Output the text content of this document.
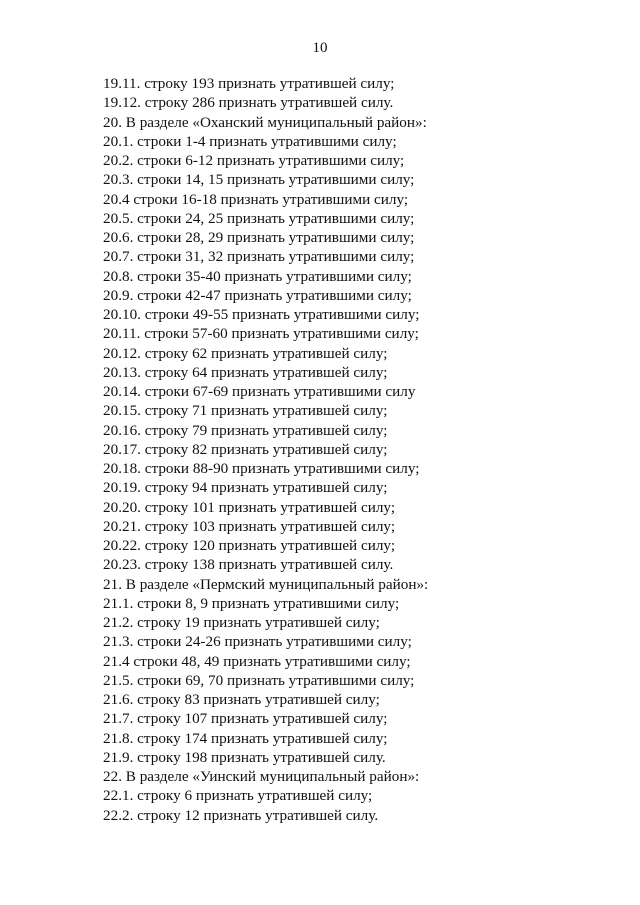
10
19.11. строку 193 признать утратившей силу;
19.12. строку 286 признать утратившей силу.
20. В разделе «Оханский муниципальный район»:
20.1. строки 1-4 признать утратившими силу;
20.2. строки 6-12 признать утратившими силу;
20.3. строки 14, 15 признать утратившими силу;
20.4 строки 16-18 признать утратившими силу;
20.5. строки 24, 25 признать утратившими силу;
20.6. строки 28, 29 признать утратившими силу;
20.7. строки 31, 32 признать утратившими силу;
20.8. строки 35-40 признать утратившими силу;
20.9. строки 42-47 признать утратившими силу;
20.10. строки 49-55 признать утратившими силу;
20.11. строки 57-60 признать утратившими силу;
20.12. строку 62 признать утратившей силу;
20.13. строку 64 признать утратившей силу;
20.14. строки 67-69 признать утратившими силу
20.15. строку 71 признать утратившей силу;
20.16. строку 79 признать утратившей силу;
20.17. строку 82 признать утратившей силу;
20.18. строки 88-90 признать утратившими силу;
20.19. строку 94 признать утратившей силу;
20.20. строку 101 признать утратившей силу;
20.21. строку 103 признать утратившей силу;
20.22. строку 120 признать утратившей силу;
20.23. строку 138 признать утратившей силу.
21. В разделе «Пермский муниципальный район»:
21.1. строки 8, 9 признать утратившими силу;
21.2. строку 19 признать утратившей силу;
21.3. строки 24-26 признать утратившими силу;
21.4 строки 48, 49 признать утратившими силу;
21.5. строки 69, 70 признать утратившими силу;
21.6. строку 83 признать утратившей силу;
21.7. строку 107 признать утратившей силу;
21.8. строку 174 признать утратившей силу;
21.9. строку 198 признать утратившей силу.
22. В разделе «Уинский муниципальный район»:
22.1. строку 6 признать утратившей силу;
22.2. строку 12 признать утратившей силу.
